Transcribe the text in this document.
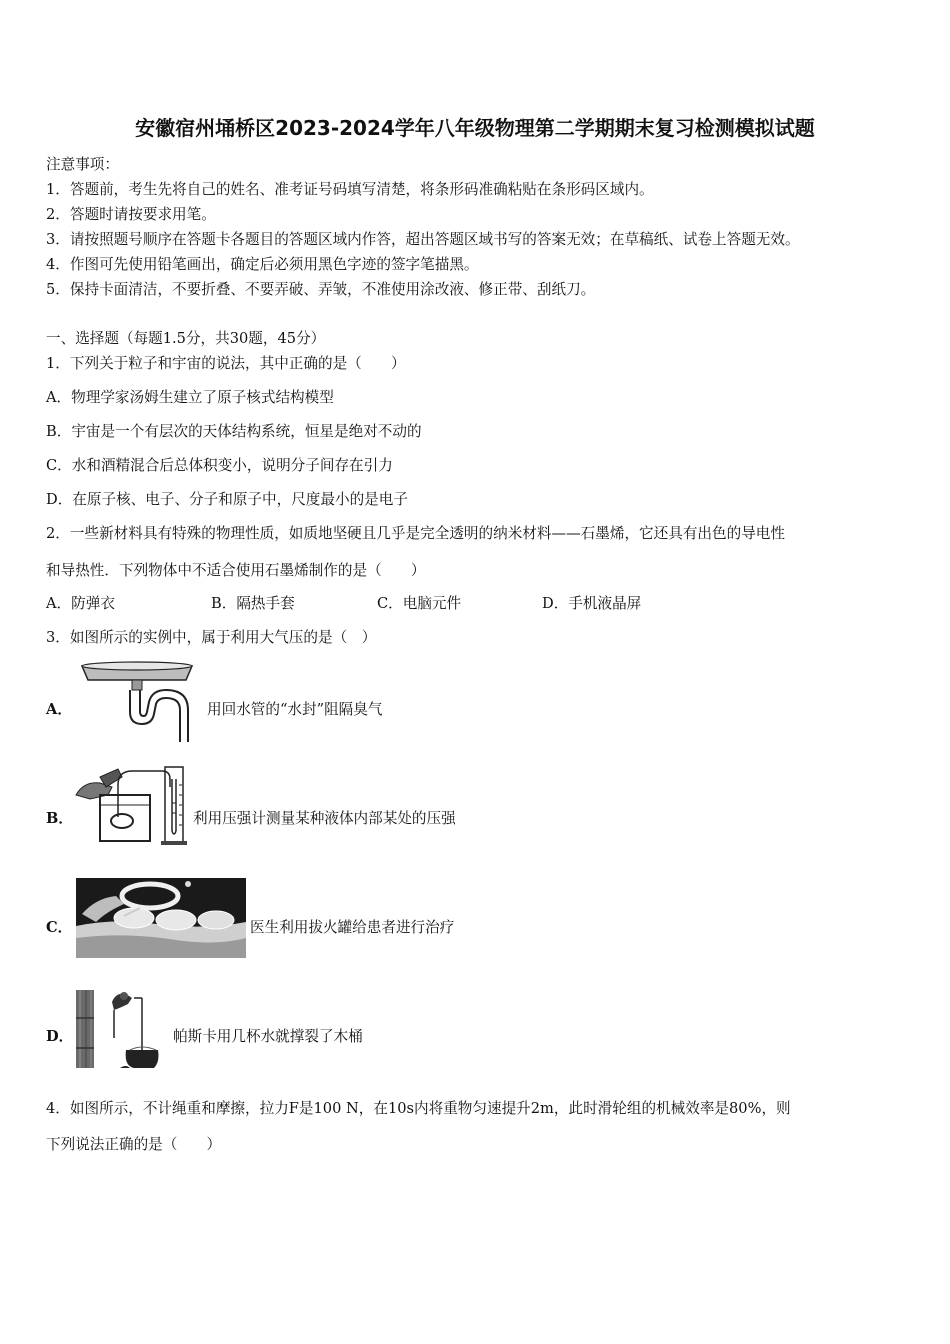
安徽宿州埇桥区2023-2024学年八年级物理第二学期期末复习检测模拟试题
注意事项：
1．答题前，考生先将自己的姓名、准考证号码填写清楚，将条形码准确粘贴在条形码区域内。
2．答题时请按要求用笔。
3．请按照题号顺序在答题卡各题目的答题区域内作答，超出答题区域书写的答案无效；在草稿纸、试卷上答题无效。
4．作图可先使用铅笔画出，确定后必须用黑色字迹的签字笔描黑。
5．保持卡面清洁，不要折叠、不要弄破、弄皱，不准使用涂改液、修正带、刮纸刀。
一、选择题（每题1.5分，共30题，45分）
1．下列关于粒子和宇宙的说法，其中正确的是（　　）
A．物理学家汤姆生建立了原子核式结构模型
B．宇宙是一个有层次的天体结构系统，恒星是绝对不动的
C．水和酒精混合后总体积变小，说明分子间存在引力
D．在原子核、电子、分子和原子中，尺度最小的是电子
2．一些新材料具有特殊的物理性质，如质地坚硬且几乎是完全透明的纳米材料——石墨烯，它还具有出色的导电性
和导热性．下列物体中不适合使用石墨烯制作的是（　　）
A．防弹衣	B．隔热手套	C．电脑元件	D．手机液晶屏
3．如图所示的实例中，属于利用大气压的是（　）
A．	用回水管的“水封”阻隔臭气
B．	利用压强计测量某种液体内部某处的压强
C．	医生利用拔火罐给患者进行治疗
D．	帕斯卡用几杯水就撑裂了木桶
4．如图所示，不计绳重和摩擦，拉力F是100 N，在10s内将重物匀速提升2m，此时滑轮组的机械效率是80%，则
下列说法正确的是（　　）
